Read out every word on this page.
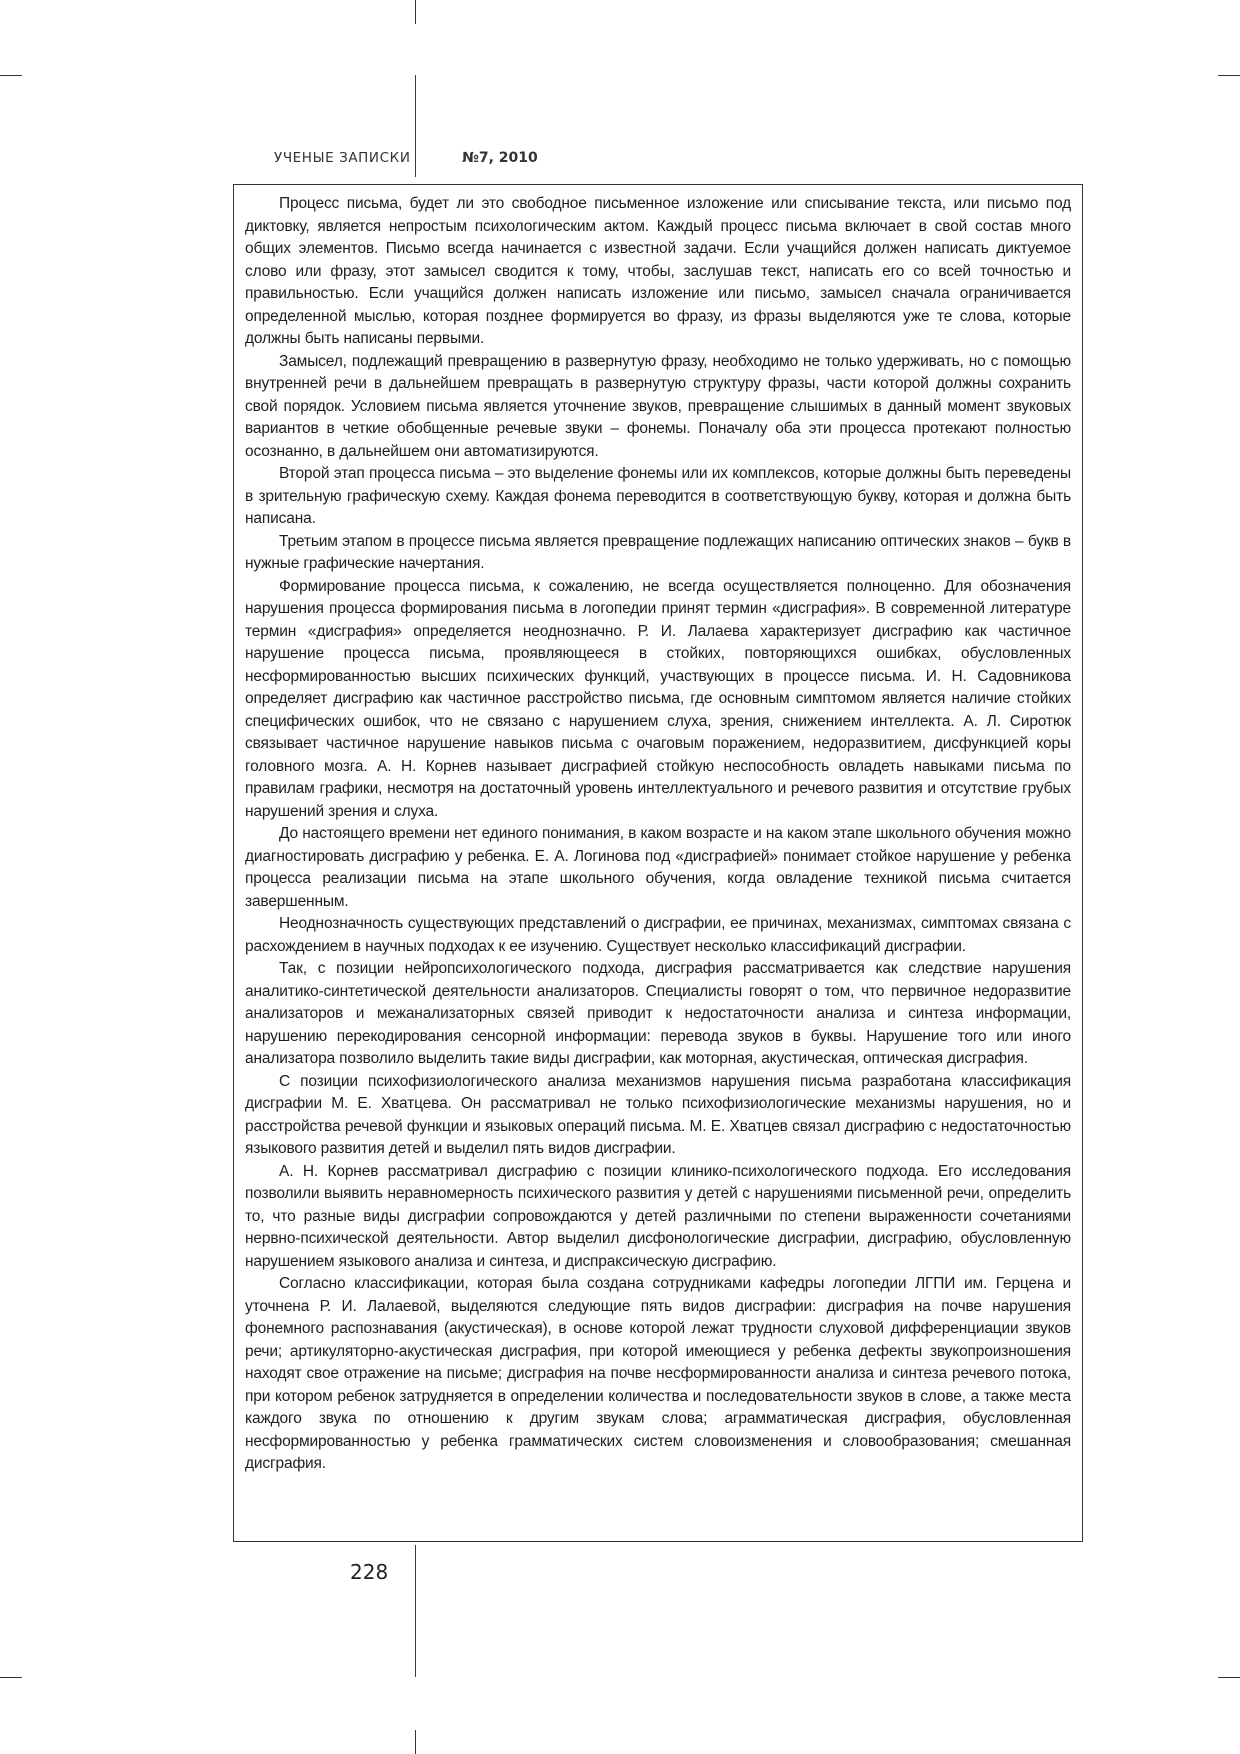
УЧЕНЫЕ ЗАПИСКИ	№7, 2010

Процесс письма, будет ли это свободное письменное изложение или списывание текста, или письмо под диктовку, является непростым психологическим актом. Каждый процесс письма включает в свой состав много общих элементов. Письмо всегда начинается с известной задачи. Если учащийся должен написать диктуемое слово или фразу, этот замысел сводится к тому, чтобы, заслушав текст, написать его со всей точностью и правильностью. Если учащийся должен написать изложение или письмо, замысел сначала ограничивается определенной мыслью, которая позднее формируется во фразу, из фразы выделяются уже те слова, которые должны быть написаны первыми.

Замысел, подлежащий превращению в развернутую фразу, необходимо не только удерживать, но с помощью внутренней речи в дальнейшем превращать в развернутую структуру фразы, части которой должны сохранить свой порядок. Условием письма является уточнение звуков, превращение слышимых в данный момент звуковых вариантов в четкие обобщенные речевые звуки – фонемы. Поначалу оба эти процесса протекают полностью осознанно, в дальнейшем они автоматизируются.

Второй этап процесса письма – это выделение фонемы или их комплексов, которые должны быть переведены в зрительную графическую схему. Каждая фонема переводится в соответствующую букву, которая и должна быть написана.

Третьим этапом в процессе письма является превращение подлежащих написанию оптических знаков – букв в нужные графические начертания.

Формирование процесса письма, к сожалению, не всегда осуществляется полноценно. Для обозначения нарушения процесса формирования письма в логопедии принят термин «дисграфия». В современной литературе термин «дисграфия» определяется неоднозначно. Р. И. Лалаева характеризует дисграфию как частичное нарушение процесса письма, проявляющееся в стойких, повторяющихся ошибках, обусловленных несформированностью высших психических функций, участвующих в процессе письма. И. Н. Садовникова определяет дисграфию как частичное расстройство письма, где основным симптомом является наличие стойких специфических ошибок, что не связано с нарушением слуха, зрения, снижением интеллекта. А. Л. Сиротюк связывает частичное нарушение навыков письма с очаговым поражением, недоразвитием, дисфункцией коры головного мозга. А. Н. Корнев называет дисграфией стойкую неспособность овладеть навыками письма по правилам графики, несмотря на достаточный уровень интеллектуального и речевого развития и отсутствие грубых нарушений зрения и слуха.

До настоящего времени нет единого понимания, в каком возрасте и на каком этапе школьного обучения можно диагностировать дисграфию у ребенка. Е. А. Логинова под «дисграфией» понимает стойкое нарушение у ребенка процесса реализации письма на этапе школьного обучения, когда овладение техникой письма считается завершенным.

Неоднозначность существующих представлений о дисграфии, ее причинах, механизмах, симптомах связана с расхождением в научных подходах к ее изучению. Существует несколько классификаций дисграфии.

Так, с позиции нейропсихологического подхода, дисграфия рассматривается как следствие нарушения аналитико-синтетической деятельности анализаторов. Специалисты говорят о том, что первичное недоразвитие анализаторов и межанализаторных связей приводит к недостаточности анализа и синтеза информации, нарушению перекодирования сенсорной информации: перевода звуков в буквы. Нарушение того или иного анализатора позволило выделить такие виды дисграфии, как моторная, акустическая, оптическая дисграфия.

С позиции психофизиологического анализа механизмов нарушения письма разработана классификация дисграфии М. Е. Хватцева. Он рассматривал не только психофизиологические механизмы нарушения, но и расстройства речевой функции и языковых операций письма. М. Е. Хватцев связал дисграфию с недостаточностью языкового развития детей и выделил пять видов дисграфии.

А. Н. Корнев рассматривал дисграфию с позиции клинико-психологического подхода. Его исследования позволили выявить неравномерность психического развития у детей с нарушениями письменной речи, определить то, что разные виды дисграфии сопровождаются у детей различными по степени выраженности сочетаниями нервно-психической деятельности. Автор выделил дисфонологические дисграфии, дисграфию, обусловленную нарушением языкового анализа и синтеза, и диспраксическую дисграфию.

Согласно классификации, которая была создана сотрудниками кафедры логопедии ЛГПИ им. Герцена и уточнена Р. И. Лалаевой, выделяются следующие пять видов дисграфии: дисграфия на почве нарушения фонемного распознавания (акустическая), в основе которой лежат трудности слуховой дифференциации звуков речи; артикуляторно-акустическая дисграфия, при которой имеющиеся у ребенка дефекты звукопроизношения находят свое отражение на письме; дисграфия на почве несформированности анализа и синтеза речевого потока, при котором ребенок затрудняется в определении количества и последовательности звуков в слове, а также места каждого звука по отношению к другим звукам слова; аграмматическая дисграфия, обусловленная несформированностью у ребенка грамматических систем словоизменения и словообразования; смешанная дисграфия.

228
